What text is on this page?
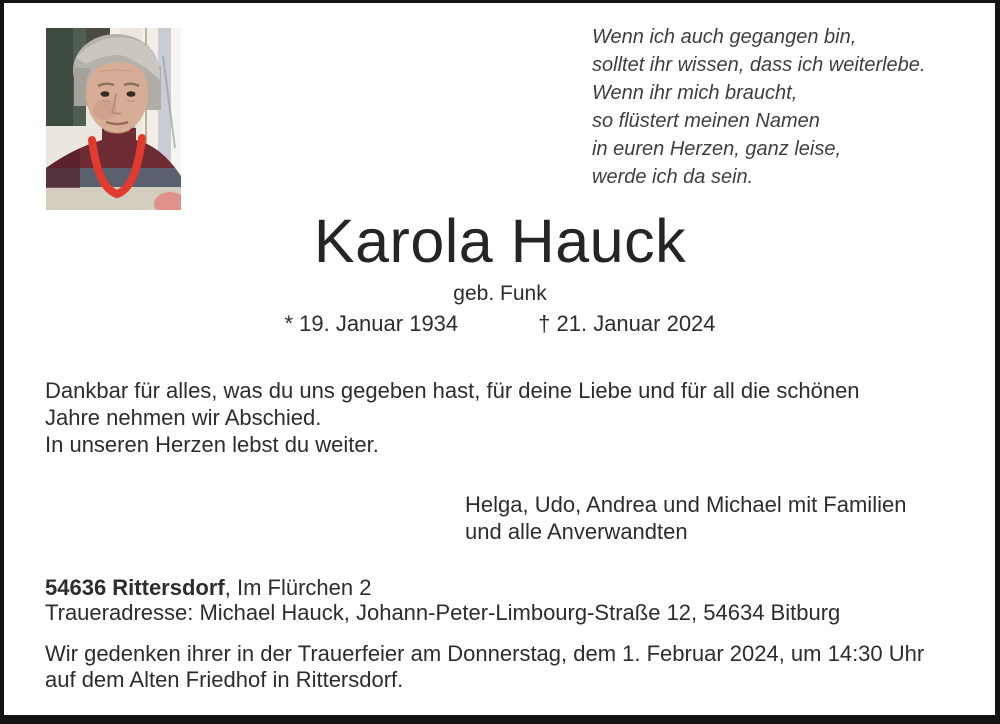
Wenn ich auch gegangen bin,
solltet ihr wissen, dass ich weiterlebe.
Wenn ihr mich braucht,
so flüstert meinen Namen
in euren Herzen, ganz leise,
werde ich da sein.
Karola Hauck
geb. Funk
* 19. Januar 1934	† 21. Januar 2024
Dankbar für alles, was du uns gegeben hast, für deine Liebe und für all die schönen
Jahre nehmen wir Abschied.
In unseren Herzen lebst du weiter.
Helga, Udo, Andrea und Michael mit Familien
und alle Anverwandten
54636 Rittersdorf, Im Flürchen 2
Traueradresse: Michael Hauck, Johann-Peter-Limbourg-Straße 12, 54634 Bitburg
Wir gedenken ihrer in der Trauerfeier am Donnerstag, dem 1. Februar 2024, um 14:30 Uhr
auf dem Alten Friedhof in Rittersdorf.
